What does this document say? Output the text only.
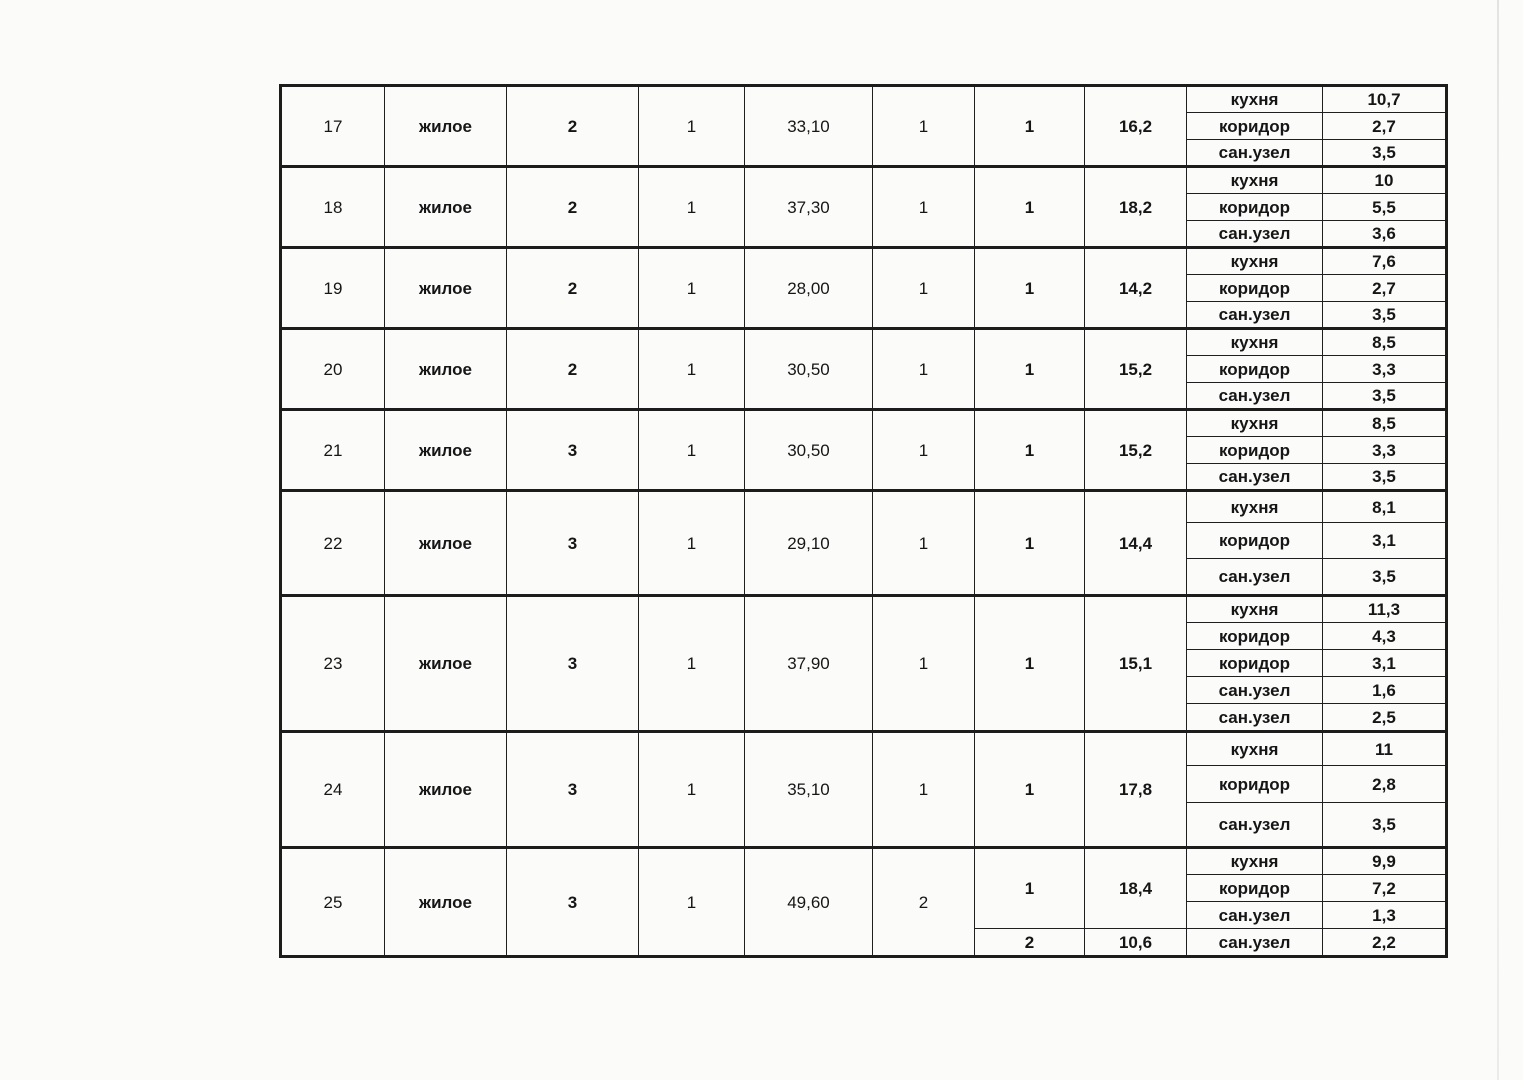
17	жилое	2	1	33,10	1	1	16,2	кухня	10,7
								коридор	2,7
								сан.узел	3,5
18	жилое	2	1	37,30	1	1	18,2	кухня	10
								коридор	5,5
								сан.узел	3,6
19	жилое	2	1	28,00	1	1	14,2	кухня	7,6
								коридор	2,7
								сан.узел	3,5
20	жилое	2	1	30,50	1	1	15,2	кухня	8,5
								коридор	3,3
								сан.узел	3,5
21	жилое	3	1	30,50	1	1	15,2	кухня	8,5
								коридор	3,3
								сан.узел	3,5
22	жилое	3	1	29,10	1	1	14,4	кухня	8,1
								коридор	3,1
								сан.узел	3,5
23	жилое	3	1	37,90	1	1	15,1	кухня	11,3
								коридор	4,3
								коридор	3,1
								сан.узел	1,6
								сан.узел	2,5
24	жилое	3	1	35,10	1	1	17,8	кухня	11
								коридор	2,8
								сан.узел	3,5
25	жилое	3	1	49,60	2	1	18,4	кухня	9,9
								коридор	7,2
								сан.узел	1,3
						2	10,6	сан.узел	2,2
